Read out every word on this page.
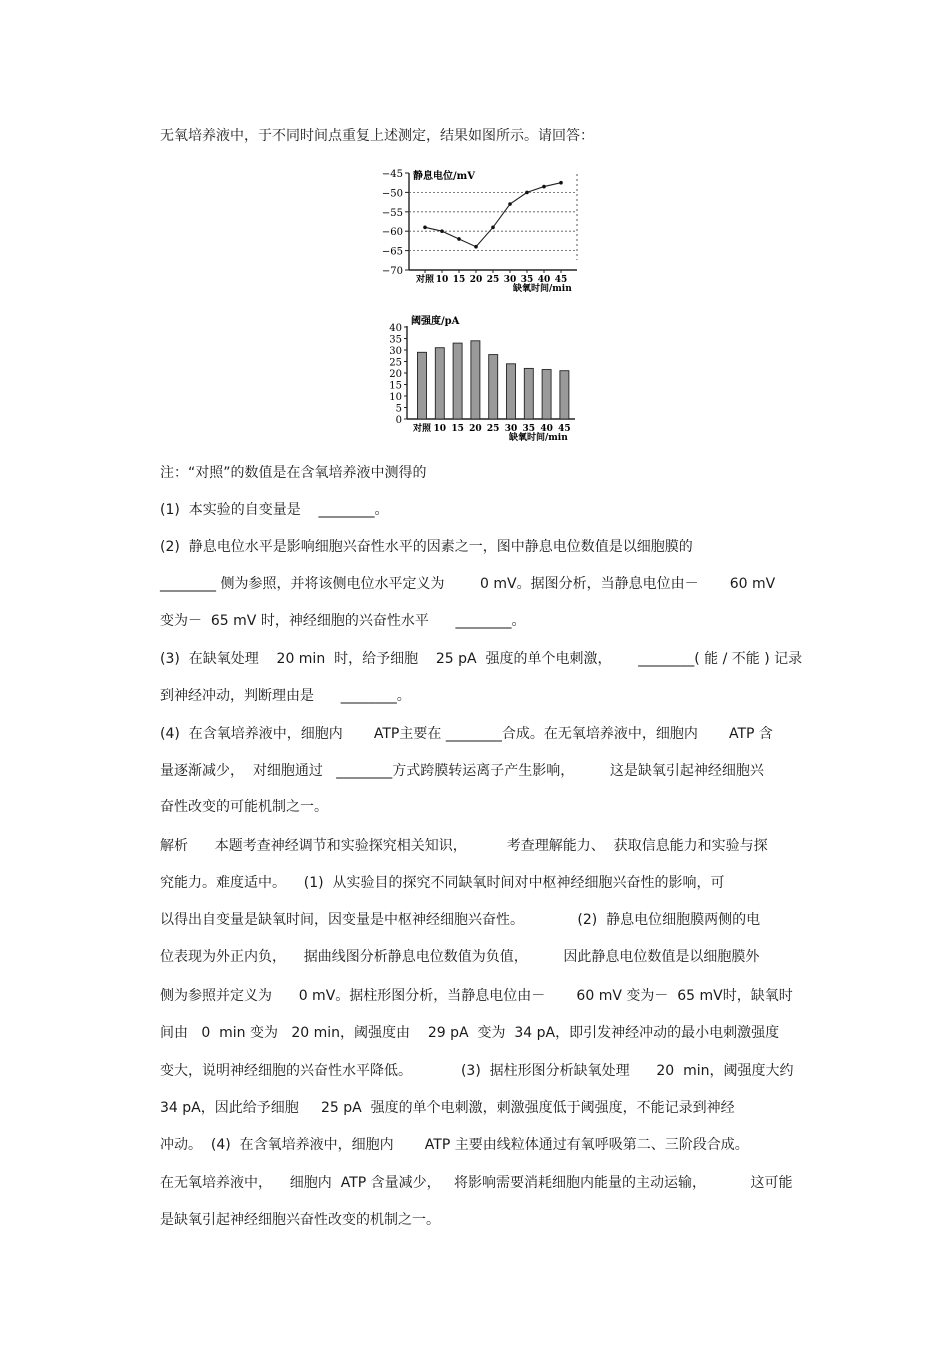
无氧培养液中，于不同时间点重复上述测定，结果如图所示。请回答：
静息电位/mV
缺氧时间/min
−45
−50
−55
−60
−65
−70
对照 10 15 20 25 30 35 40 45
阈强度/pA
缺氧时间/min
0
5
10
15
20
25
30
35
40
对照 10 15 20 25 30 35 40 45
注：“对照”的数值是在含氧培养液中测得的
(1)  本实验的自变量是    ________。
(2)  静息电位水平是影响细胞兴奋性水平的因素之一，图中静息电位数值是以细胞膜的
________ 侧为参照，并将该侧电位水平定义为        0 mV。据图分析，当静息电位由－       60 mV
变为－  65 mV 时，神经细胞的兴奋性水平      ________。
(3)  在缺氧处理    20 min  时，给予细胞    25 pA  强度的单个电刺激，      ________( 能 / 不能 ) 记录
到神经冲动，判断理由是      ________。
(4)  在含氧培养液中，细胞内       ATP主要在 ________合成。在无氧培养液中，细胞内       ATP 含
量逐渐减少，  对细胞通过   ________方式跨膜转运离子产生影响，        这是缺氧引起神经细胞兴
奋性改变的可能机制之一。
解析      本题考查神经调节和实验探究相关知识，         考查理解能力、  获取信息能力和实验与探
究能力。难度适中。    (1)  从实验目的探究不同缺氧时间对中枢神经细胞兴奋性的影响，可
以得出自变量是缺氧时间，因变量是中枢神经细胞兴奋性。            (2)  静息电位细胞膜两侧的电
位表现为外正内负，    据曲线图分析静息电位数值为负值，        因此静息电位数值是以细胞膜外
侧为参照并定义为      0 mV。据柱形图分析，当静息电位由－       60 mV 变为－  65 mV时，缺氧时
间由   0  min 变为   20 min，阈强度由    29 pA  变为  34 pA，即引发神经冲动的最小电刺激强度
变大，说明神经细胞的兴奋性水平降低。           (3)  据柱形图分析缺氧处理      20  min，阈强度大约
34 pA，因此给予细胞     25 pA  强度的单个电刺激，刺激强度低于阈强度，不能记录到神经
冲动。  (4)  在含氧培养液中，细胞内       ATP 主要由线粒体通过有氧呼吸第二、三阶段合成。
在无氧培养液中，    细胞内  ATP 含量减少，   将影响需要消耗细胞内能量的主动运输，          这可能
是缺氧引起神经细胞兴奋性改变的机制之一。
